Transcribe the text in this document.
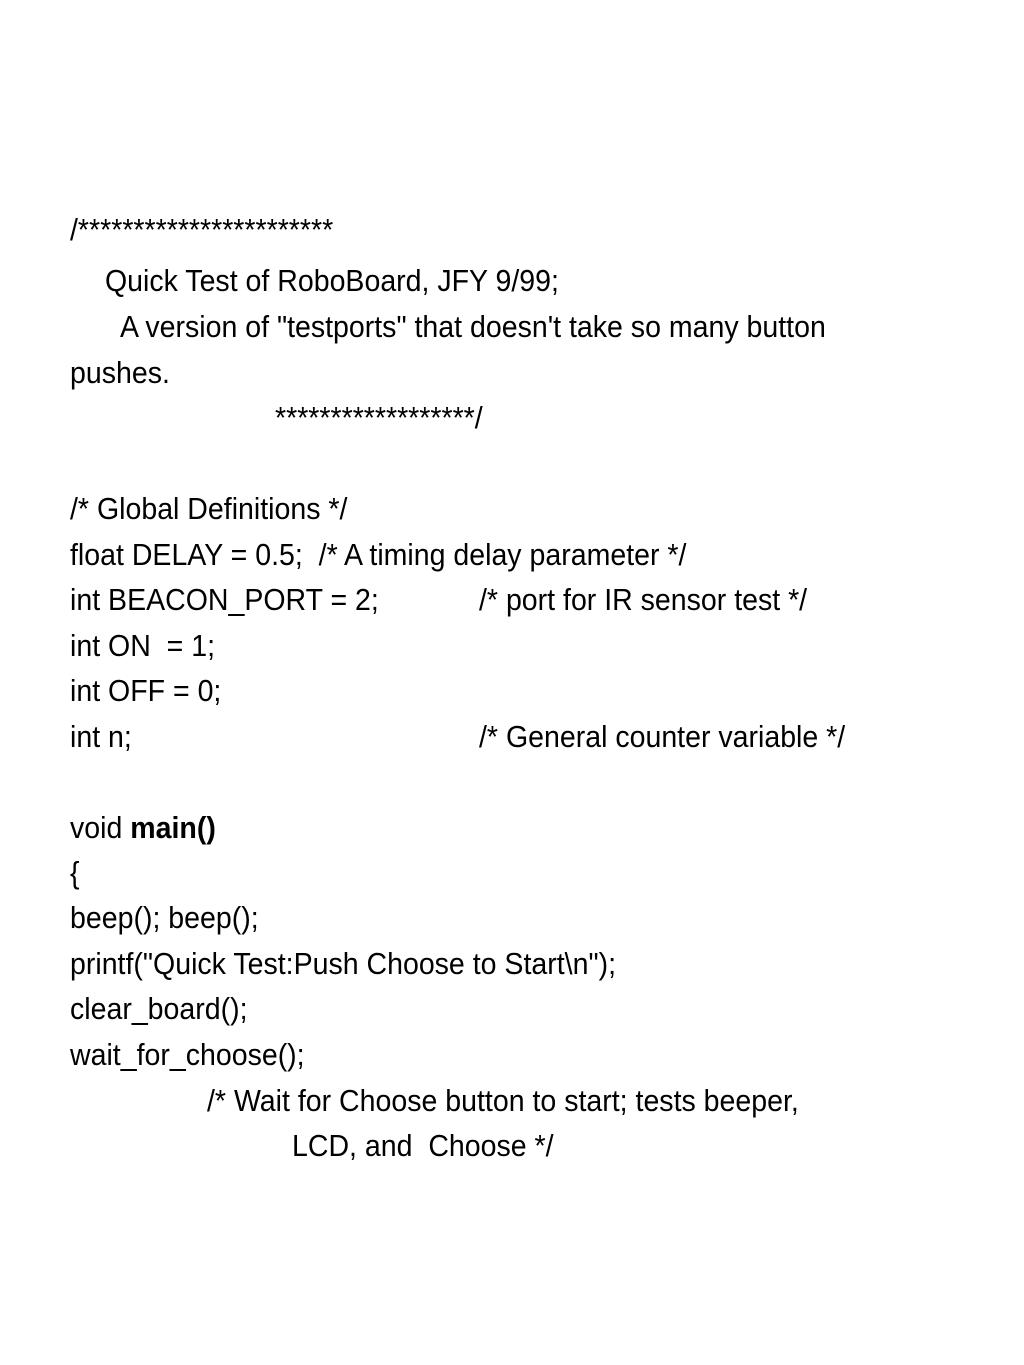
/***********************
Quick Test of RoboBoard, JFY 9/99;
A version of "testports" that doesn't take so many button
pushes.
******************/
/* Global Definitions */
float DELAY = 0.5;  /* A timing delay parameter */
int BEACON_PORT = 2;	/* port for IR sensor test */
int ON  = 1;
int OFF = 0;
int n;	/* General counter variable */
void main()
{
beep(); beep();
printf("Quick Test:Push Choose to Start\n");
clear_board();
wait_for_choose();
/* Wait for Choose button to start; tests beeper,
LCD, and  Choose */
